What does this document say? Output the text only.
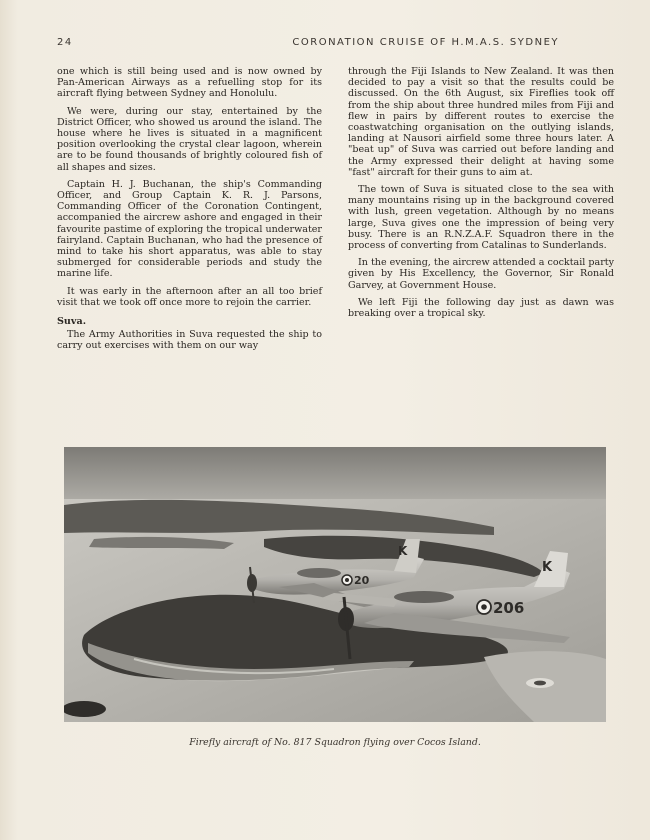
24	CORONATION CRUISE OF H.M.A.S. SYDNEY

one which is still being used and is now owned by Pan-American Airways as a refuelling stop for its aircraft flying between Sydney and Honolulu.

We were, during our stay, entertained by the District Officer, who showed us around the island. The house where he lives is situated in a magnificent position overlooking the crystal clear lagoon, wherein are to be found thousands of brightly coloured fish of all shapes and sizes.

Captain H. J. Buchanan, the ship's Commanding Officer, and Group Captain K. R. J. Parsons, Commanding Officer of the Coronation Contingent, accompanied the aircrew ashore and engaged in their favourite pastime of exploring the tropical underwater fairyland. Captain Buchanan, who had the presence of mind to take his short apparatus, was able to stay submerged for considerable periods and study the marine life.

It was early in the afternoon after an all too brief visit that we took off once more to rejoin the carrier.

Suva.

The Army Authorities in Suva requested the ship to carry out exercises with them on our way

through the Fiji Islands to New Zealand. It was then decided to pay a visit so that the results could be discussed. On the 6th August, six Fireflies took off from the ship about three hundred miles from Fiji and flew in pairs by different routes to exercise the coastwatching organisation on the outlying islands, landing at Nausori airfield some three hours later. A "beat up" of Suva was carried out before landing and the Army expressed their delight at having some "fast" aircraft for their guns to aim at.

The town of Suva is situated close to the sea with many mountains rising up in the background covered with lush, green vegetation. Although by no means large, Suva gives one the impression of being very busy. There is an R.N.Z.A.F. Squadron there in the process of converting from Catalinas to Sunderlands.

In the evening, the aircrew attended a cocktail party given by His Excellency, the Governor, Sir Ronald Garvey, at Government House.

We left Fiji the following day just as dawn was breaking over a tropical sky.

20
K
206
K
Firefly aircraft of No. 817 Squadron flying over Cocos Island.
